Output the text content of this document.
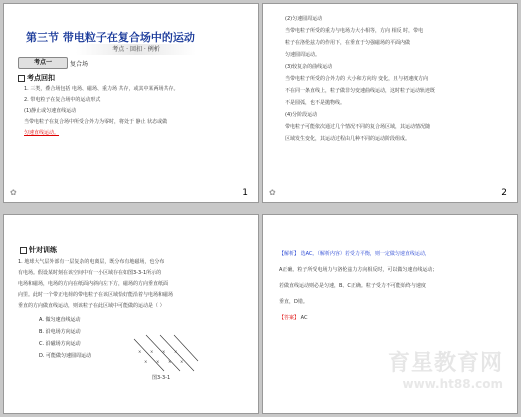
第三节 带电粒子在复合场中的运动
考点 · 回扣 · 例析
考点一	复合场
考点回扣
1. 三类，叠合场包括 电场、磁场、重力场 共存，或其中某两场共存。
2. 带电粒子在复合场中的运动形式
(1)静止或匀速直线运动
当带电粒子在复合场中所受合外力为零时，将处于 静止 状态或做
匀速直线运动。
✿	1
(2)匀速圆周运动
当带电粒子所受的重力与电场力大小相等，方向 相反 时，带电
粒子在洛伦兹力的作用下，在垂直于匀强磁场的平面内做
匀速圆周运动。
(3)较复杂的曲线运动
当带电粒子所受的合外力的 大小和方向均 变化，且与初速度方向
不在同一条直线上，粒子做非匀变速曲线运动，这时粒子运动轨迹既
不是圆弧，也不是抛物线。
(4)分阶段运动
带电粒子可能依次通过几个情况不同的复合场区域，其运动情况随
区域发生变化，其运动过程由几种不同的运动阶段组成。
✿	2
针对训练
1. 地球大气层外部有一层复杂的电离层，既分布有地磁场，也分布
有电场。假设某时刻在该空间中有一小区域存在如图3-3-1所示的
电场和磁场，电场的方向在纸面内斜向左下方，磁场的方向垂直纸面
向里。此时一个带正电荷的带电粒子在该区域恰好能沿着与电场和磁场
垂直的方向做直线运动，则该粒子在此区域中可能做的运动是（ ）
A. 做匀速直线运动
B. 沿电场方向运动
C. 沿磁场方向运动
D. 可能做匀速圆周运动
× × × ×
× × × ×
图3-3-1
【解析】 选AC。（解析内容）若受力平衡，则一定做匀速直线运动，
A正确。粒子所受电场力与洛伦兹力方向相反时，可以做匀速直线运动；
若做直线运动则必是匀速，B、C正确。粒子受力不可能始终与速度
垂直，D错。
【答案】 AC
育星教育网
www.ht88.com
